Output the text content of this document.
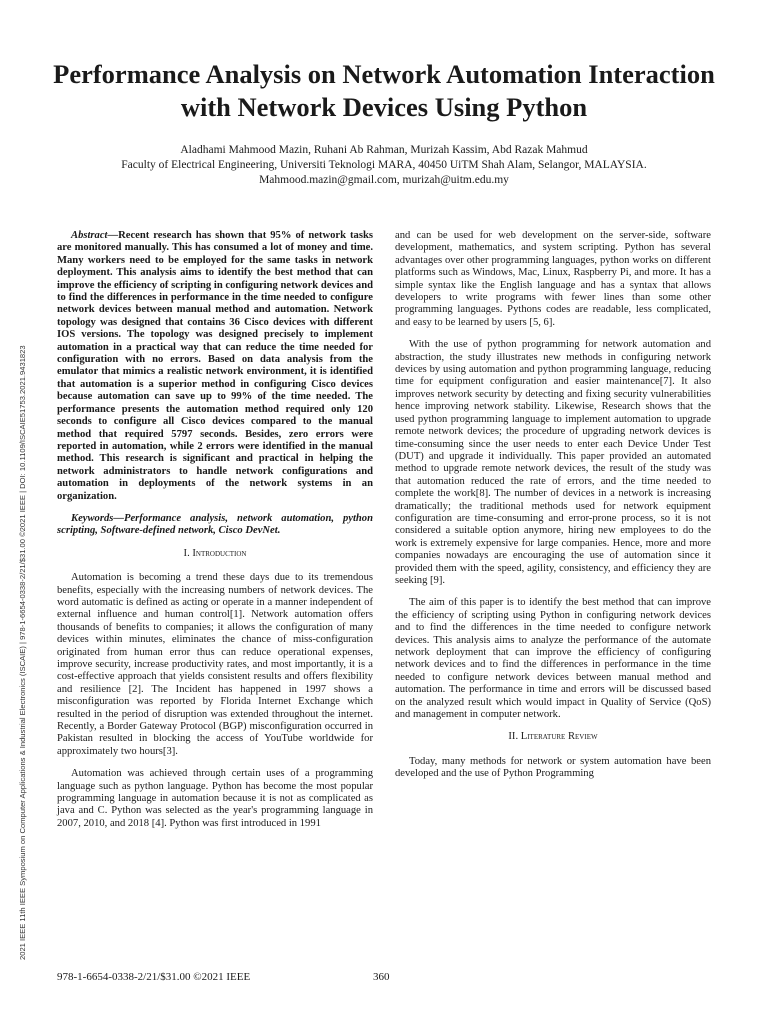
Performance Analysis on Network Automation Interaction with Network Devices Using Python
Aladhami Mahmood Mazin, Ruhani Ab Rahman, Murizah Kassim, Abd Razak Mahmud
Faculty of Electrical Engineering, Universiti Teknologi MARA, 40450 UiTM Shah Alam, Selangor, MALAYSIA.
Mahmood.mazin@gmail.com, murizah@uitm.edu.my
2021 IEEE 11th IEEE Symposium on Computer Applications & Industrial Electronics (ISCAIE) | 978-1-6654-0338-2/21/$31.00 ©2021 IEEE | DOI: 10.1109/ISCAIE51753.2021.9431823

Abstract—Recent research has shown that 95% of network tasks are monitored manually. This has consumed a lot of money and time. Many workers need to be employed for the same tasks in network deployment. This analysis aims to identify the best method that can improve the efficiency of scripting in configuring network devices and to find the differences in performance in the time needed to configure network devices between manual method and automation. Network topology was designed that contains 36 Cisco devices with different IOS versions. The topology was designed precisely to implement automation in a practical way that can reduce the time needed for configuration with no errors. Based on data analysis from the emulator that mimics a realistic network environment, it is identified that automation is a superior method in configuring Cisco devices because automation can save up to 99% of the time needed. The performance presents the automation method required only 120 seconds to configure all Cisco devices compared to the manual method that required 5797 seconds. Besides, zero errors were reported in automation, while 2 errors were identified in the manual method. This research is significant and practical in helping the network administrators to handle network configurations and automation in deployments of the network systems in an organization.

Keywords—Performance analysis, network automation, python scripting, Software-defined network, Cisco DevNet.

I. Introduction

Automation is becoming a trend these days due to its tremendous benefits, especially with the increasing numbers of network devices. The word automatic is defined as acting or operate in a manner independent of external influence and human control[1]. Network automation offers thousands of benefits to companies; it allows the configuration of many devices within minutes, eliminates the chance of miss-configuration originated from human error thus can reduce operational expenses, improve security, increase productivity rates, and most importantly, it is a cost-effective approach that yields consistent results and offers flexibility and resilience [2]. The Incident has happened in 1997 shows a misconfiguration was reported by Florida Internet Exchange which resulted in the period of disruption was extended throughout the internet. Recently, a Border Gateway Protocol (BGP) misconfiguration occurred in Pakistan resulted in blocking the access of YouTube worldwide for approximately two hours[3].

Automation was achieved through certain uses of a programming language such as python language. Python has become the most popular programming language in automation because it is not as complicated as java and C. Python was selected as the year's programming language in 2007, 2010, and 2018 [4]. Python was first introduced in 1991

and can be used for web development on the server-side, software development, mathematics, and system scripting. Python has several advantages over other programming languages, python works on different platforms such as Windows, Mac, Linux, Raspberry Pi, and more. It has a simple syntax like the English language and has a syntax that allows developers to write programs with fewer lines than some other programming languages. Pythons codes are readable, less complicated, and easy to be learned by users [5, 6].

With the use of python programming for network automation and abstraction, the study illustrates new methods in configuring network devices by using automation and python programming language, reducing time for equipment configuration and easier maintenance[7]. It also improves network security by detecting and fixing security vulnerabilities hence improving network stability. Likewise, Research shows that the used python programming language to implement automation to upgrade remote network devices; the procedure of upgrading network devices is time-consuming since the user needs to enter each Device Under Test (DUT) and upgrade it individually. This paper provided an automated method to upgrade remote network devices, the result of the study was that automation reduced the rate of errors, and the time needed to complete the work[8]. The number of devices in a network is increasing dramatically; the traditional methods used for network equipment configuration are time-consuming and error-prone process, so it is not considered a suitable option anymore, hiring new employees to do the work is extremely expensive for large companies. Hence, more and more companies nowadays are encouraging the use of automation since it provided them with the speed, agility, consistency, and efficiency they are seeking [9].

The aim of this paper is to identify the best method that can improve the efficiency of scripting using Python in configuring network devices and to find the differences in the time needed to configure network devices. This analysis aims to analyze the performance of the automate network deployment that can improve the efficiency of configuring network devices and to find the differences in performance in the time needed to configure network devices between manual method and automation. The performance in time and errors will be discussed based on the analyzed result which would impact in Quality of Service (QoS) and management in computer network.

II. Literature Review

Today, many methods for network or system automation have been developed and the use of Python Programming

978-1-6654-0338-2/21/$31.00 ©2021 IEEE	360
